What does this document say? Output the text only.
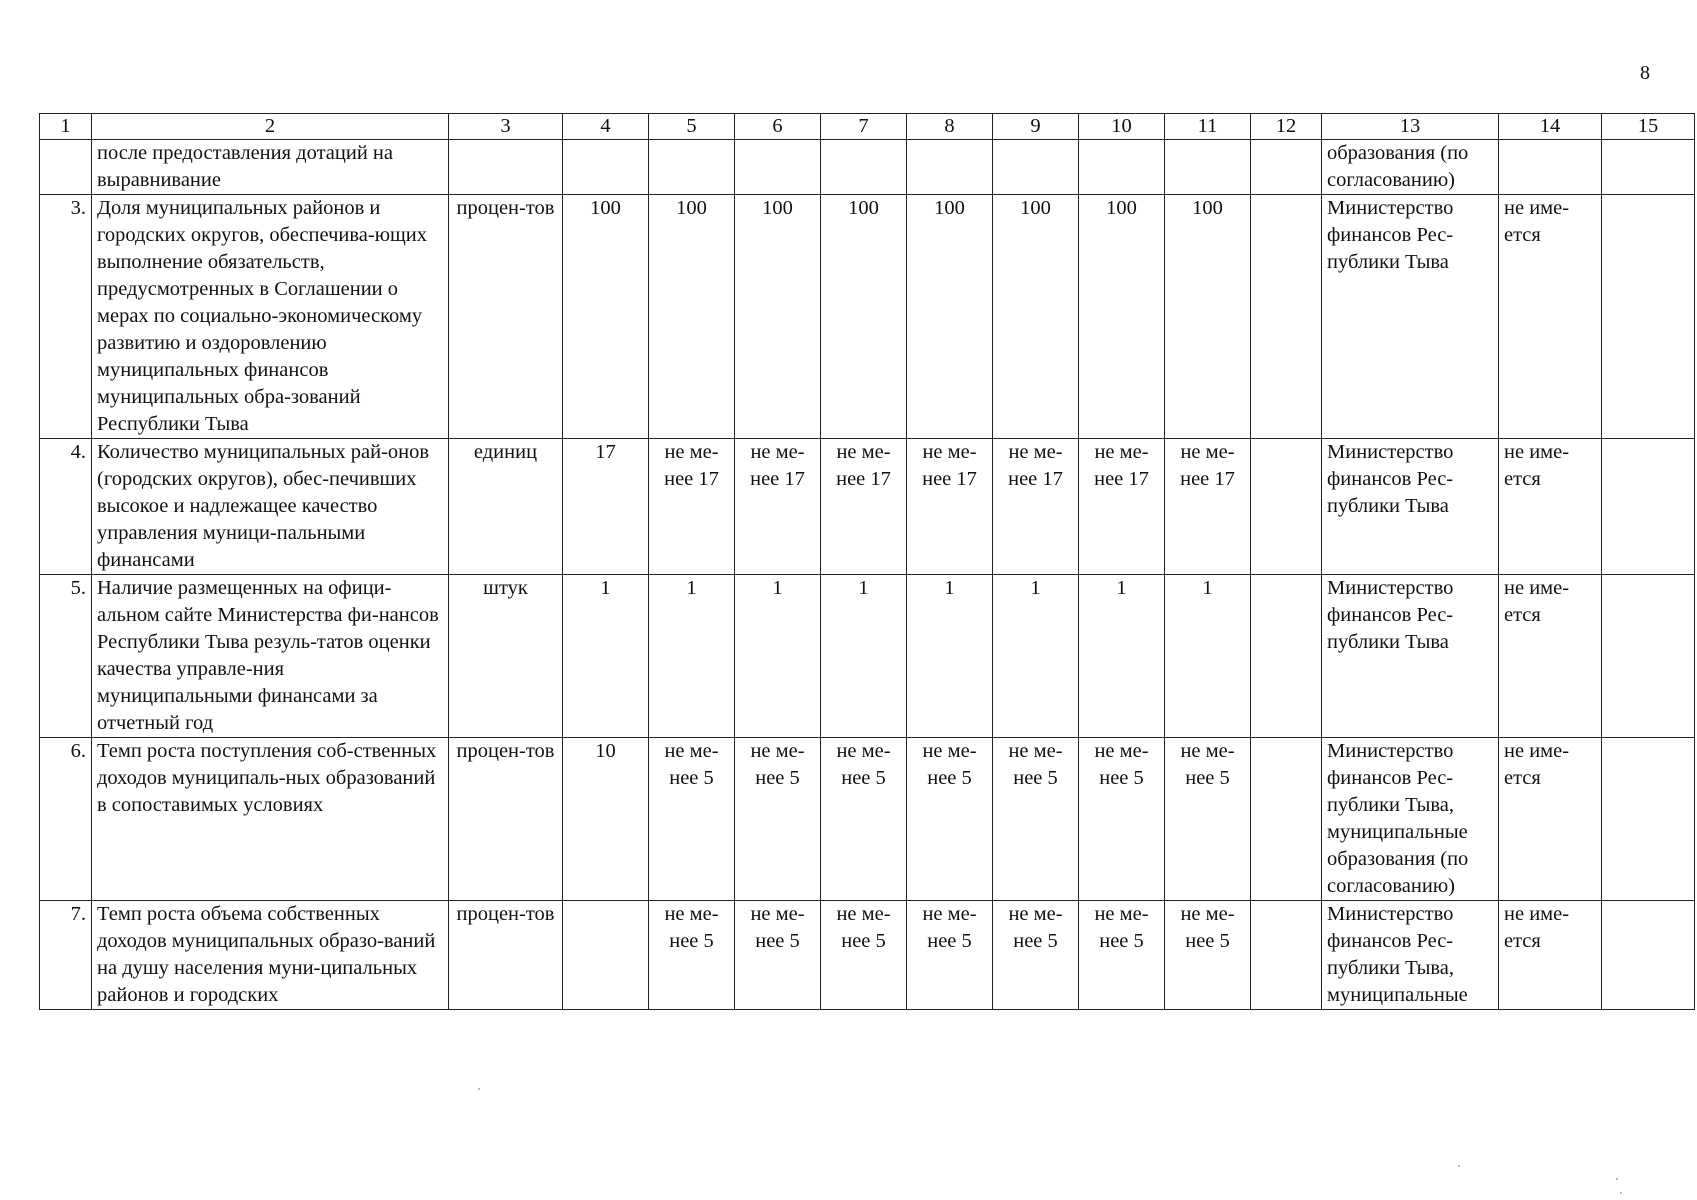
8
1	2	3	4	5	6	7	8	9	10	11	12	13	14	15
	после предоставления дотаций на выравнивание											образования (по согласованию)		
3.	Доля муниципальных районов и городских округов, обеспечива-ющих выполнение обязательств, предусмотренных в Соглашении о мерах по социально-экономическому развитию и оздоровлению муниципальных финансов муниципальных обра-зований Республики Тыва	процен-тов	100	100	100	100	100	100	100	100		Министерство финансов Рес-публики Тыва	не име-ется	
4.	Количество муниципальных рай-онов (городских округов), обес-печивших высокое и надлежащее качество управления муници-пальными финансами	единиц	17	не ме-нее 17	не ме-нее 17	не ме-нее 17	не ме-нее 17	не ме-нее 17	не ме-нее 17	не ме-нее 17		Министерство финансов Рес-публики Тыва	не име-ется	
5.	Наличие размещенных на офици-альном сайте Министерства фи-нансов Республики Тыва резуль-татов оценки качества управле-ния муниципальными финансами за отчетный год	штук	1	1	1	1	1	1	1	1		Министерство финансов Рес-публики Тыва	не име-ется	
6.	Темп роста поступления соб-ственных доходов муниципаль-ных образований в сопоставимых условиях	процен-тов	10	не ме-нее 5	не ме-нее 5	не ме-нее 5	не ме-нее 5	не ме-нее 5	не ме-нее 5	не ме-нее 5		Министерство финансов Рес-публики Тыва, муниципальные образования (по согласованию)	не име-ется	
7.	Темп роста объема собственных доходов муниципальных образо-ваний на душу населения муни-ципальных районов и городских	процен-тов		не ме-нее 5	не ме-нее 5	не ме-нее 5	не ме-нее 5	не ме-нее 5	не ме-нее 5	не ме-нее 5		Министерство финансов Рес-публики Тыва, муниципальные	не име-ется	
